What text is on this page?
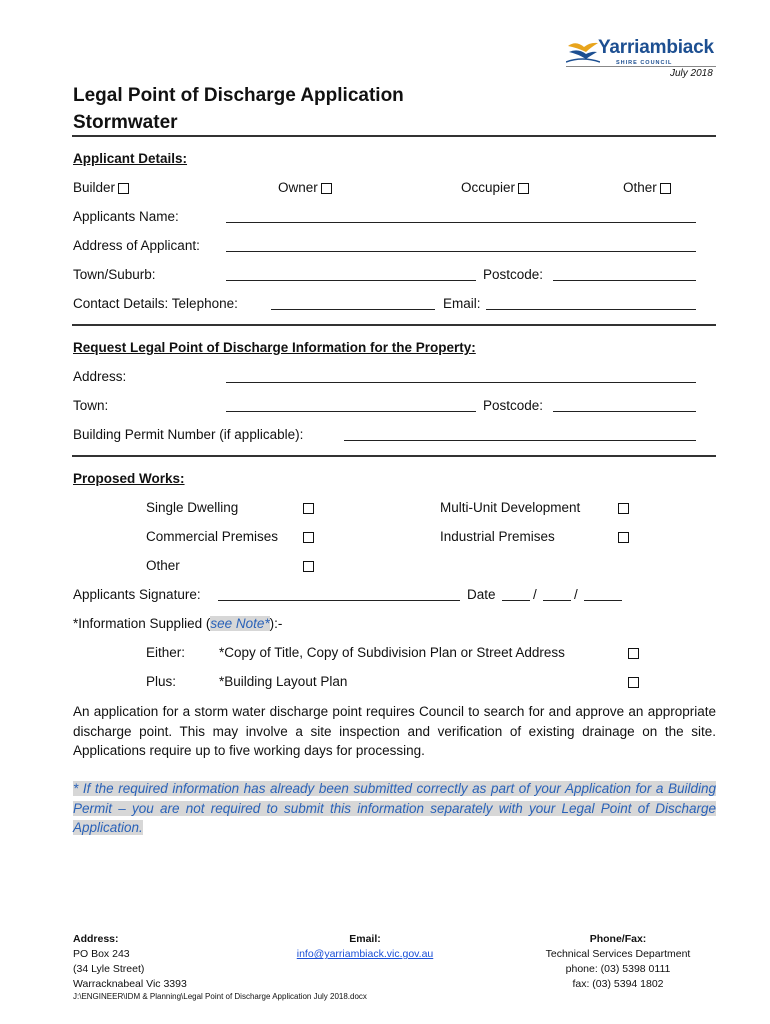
Yarriambiack
SHIRE COUNCIL
July 2018
Legal Point of Discharge Application
Stormwater
Applicant Details:
Builder	Owner	Occupier	Other
Applicants Name:
Address of Applicant:
Town/Suburb:	Postcode:
Contact Details: Telephone:	Email:
Request Legal Point of Discharge Information for the Property:
Address:
Town:	Postcode:
Building Permit Number (if applicable):
Proposed Works:
Single Dwelling	Multi-Unit Development
Commercial Premises	Industrial Premises
Other
Applicants Signature:	Date	/	/
*Information Supplied (see Note*):-
Either:	*Copy of Title, Copy of Subdivision Plan or Street Address
Plus:	*Building Layout Plan
An application for a storm water discharge point requires Council to search for and approve an appropriate discharge point. This may involve a site inspection and verification of existing drainage on the site. Applications require up to five working days for processing.
* If the required information has already been submitted correctly as part of your Application for a Building Permit – you are not required to submit this information separately with your Legal Point of Discharge Application.
Address:
PO Box 243
(34 Lyle Street)
Warracknabeal Vic 3393
Email:
info@yarriambiack.vic.gov.au
Phone/Fax:
Technical Services Department
phone: (03) 5398 0111
fax: (03) 5394 1802
J:\ENGINEER\IDM & Planning\Legal Point of Discharge Application July 2018.docx
